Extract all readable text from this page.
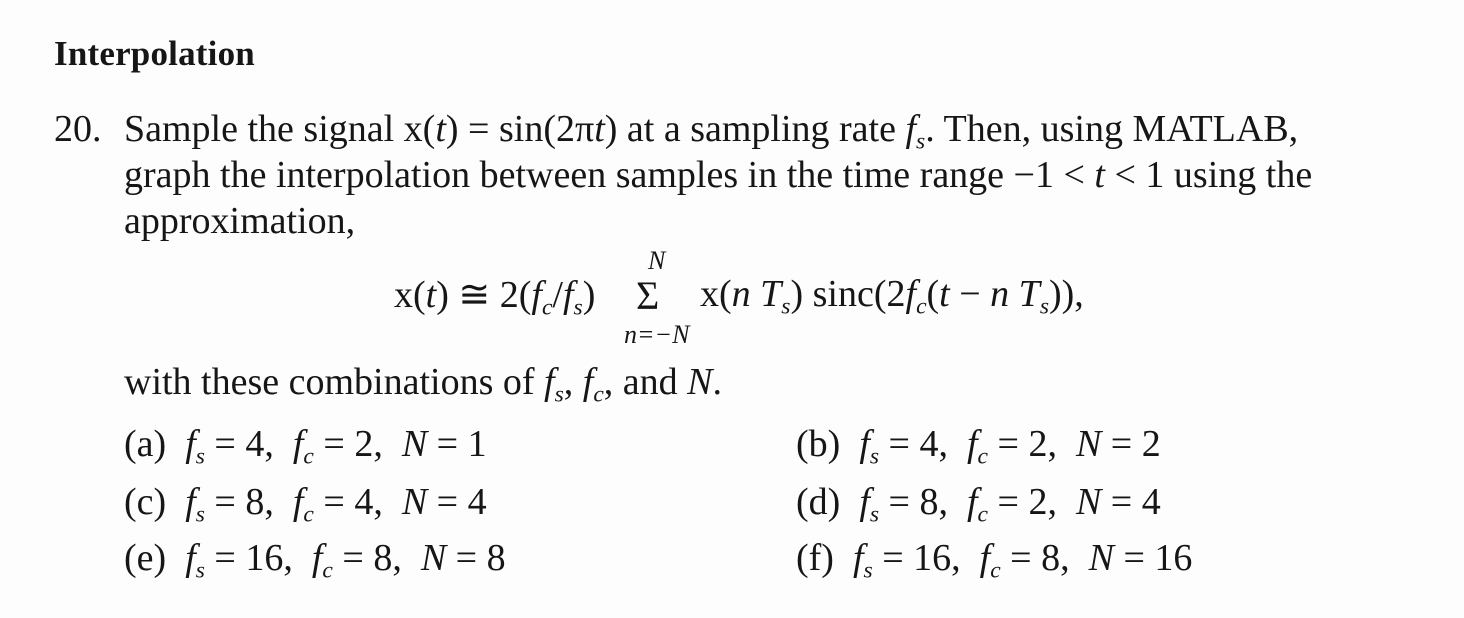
Interpolation
20. Sample the signal x(t) = sin(2πt) at a sampling rate $f_s$. Then, using MATLAB,
graph the interpolation between samples in the time range −1 < t < 1 using the
approximation,
x(t) ≅ $2(f_c/f_s)$
N
Σ
n=−N
x(n $T_s$) $\sin c(2f_c(t - n$ $T_s$)),
with these combinations of $f_s$, $f_c$, and N.
(a) $f_s = 4$,  $f_c = 2$,  N = 1	(b) $f_s = 4$,  $f_c = 2$,  N = 2
(c) $f_s = 8$,  $f_c = 4$,  N = 4	(d) $f_s = 8$,  $f_c = 2$,  N = 4
(e) $f_s = 16$,  $f_c = 8$,  N = 8	(f) $f_s = 16$,  $f_c = 8$,  N = 16
